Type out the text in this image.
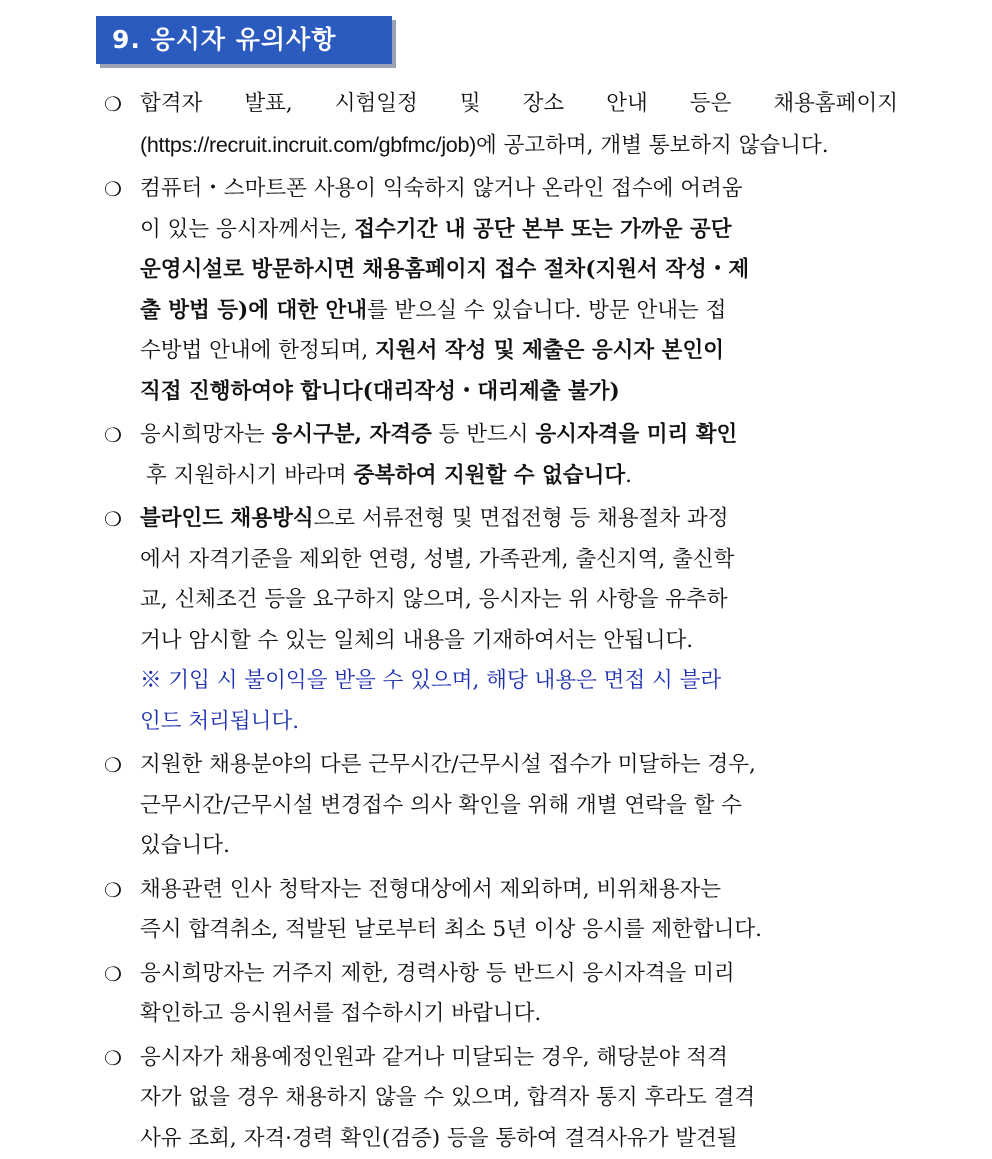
9. 응시자 유의사항
❍ 합격자 발표, 시험일정 및 장소 안내 등은 채용홈페이지
(https://recruit.incruit.com/gbfmc/job)에 공고하며, 개별 통보하지 않습니다.
❍ 컴퓨터・스마트폰 사용이 익숙하지 않거나 온라인 접수에 어려움
이 있는 응시자께서는, 접수기간 내 공단 본부 또는 가까운 공단
운영시설로 방문하시면 채용홈페이지 접수 절차(지원서 작성・제
출 방법 등)에 대한 안내를 받으실 수 있습니다. 방문 안내는 접
수방법 안내에 한정되며, 지원서 작성 및 제출은 응시자 본인이
직접 진행하여야 합니다(대리작성・대리제출 불가)
❍ 응시희망자는 응시구분, 자격증 등 반드시 응시자격을 미리 확인
후 지원하시기 바라며 중복하여 지원할 수 없습니다.
❍ 블라인드 채용방식으로 서류전형 및 면접전형 등 채용절차 과정
에서 자격기준을 제외한 연령, 성별, 가족관계, 출신지역, 출신학
교, 신체조건 등을 요구하지 않으며, 응시자는 위 사항을 유추하
거나 암시할 수 있는 일체의 내용을 기재하여서는 안됩니다.
※ 기입 시 불이익을 받을 수 있으며, 해당 내용은 면접 시 블라
인드 처리됩니다.
❍ 지원한 채용분야의 다른 근무시간/근무시설 접수가 미달하는 경우,
근무시간/근무시설 변경접수 의사 확인을 위해 개별 연락을 할 수
있습니다.
❍ 채용관련 인사 청탁자는 전형대상에서 제외하며, 비위채용자는
즉시 합격취소, 적발된 날로부터 최소 5년 이상 응시를 제한합니다.
❍ 응시희망자는 거주지 제한, 경력사항 등 반드시 응시자격을 미리
확인하고 응시원서를 접수하시기 바랍니다.
❍ 응시자가 채용예정인원과 같거나 미달되는 경우, 해당분야 적격
자가 없을 경우 채용하지 않을 수 있으며, 합격자 통지 후라도 결격
사유 조회, 자격·경력 확인(검증) 등을 통하여 결격사유가 발견될
